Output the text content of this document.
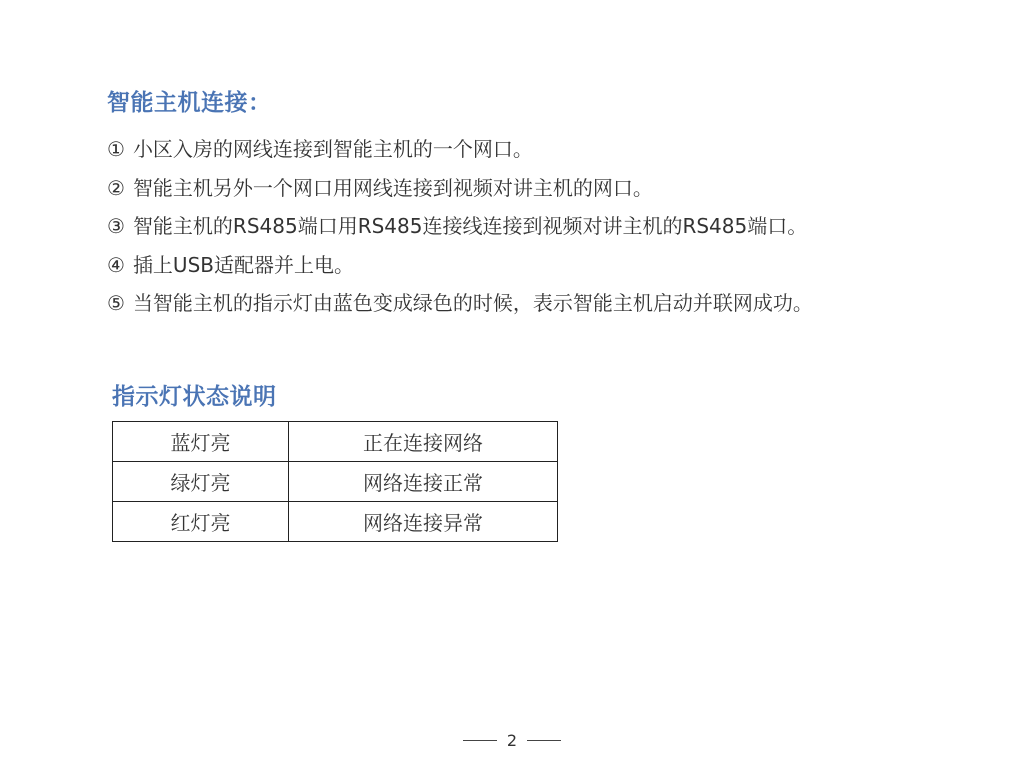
智能主机连接：
① 小区入房的网线连接到智能主机的一个网口。
② 智能主机另外一个网口用网线连接到视频对讲主机的网口。
③ 智能主机的RS485端口用RS485连接线连接到视频对讲主机的RS485端口。
④ 插上USB适配器并上电。
⑤ 当智能主机的指示灯由蓝色变成绿色的时候，表示智能主机启动并联网成功。
指示灯状态说明
蓝灯亮	正在连接网络
绿灯亮	网络连接正常
红灯亮	网络连接异常
2
